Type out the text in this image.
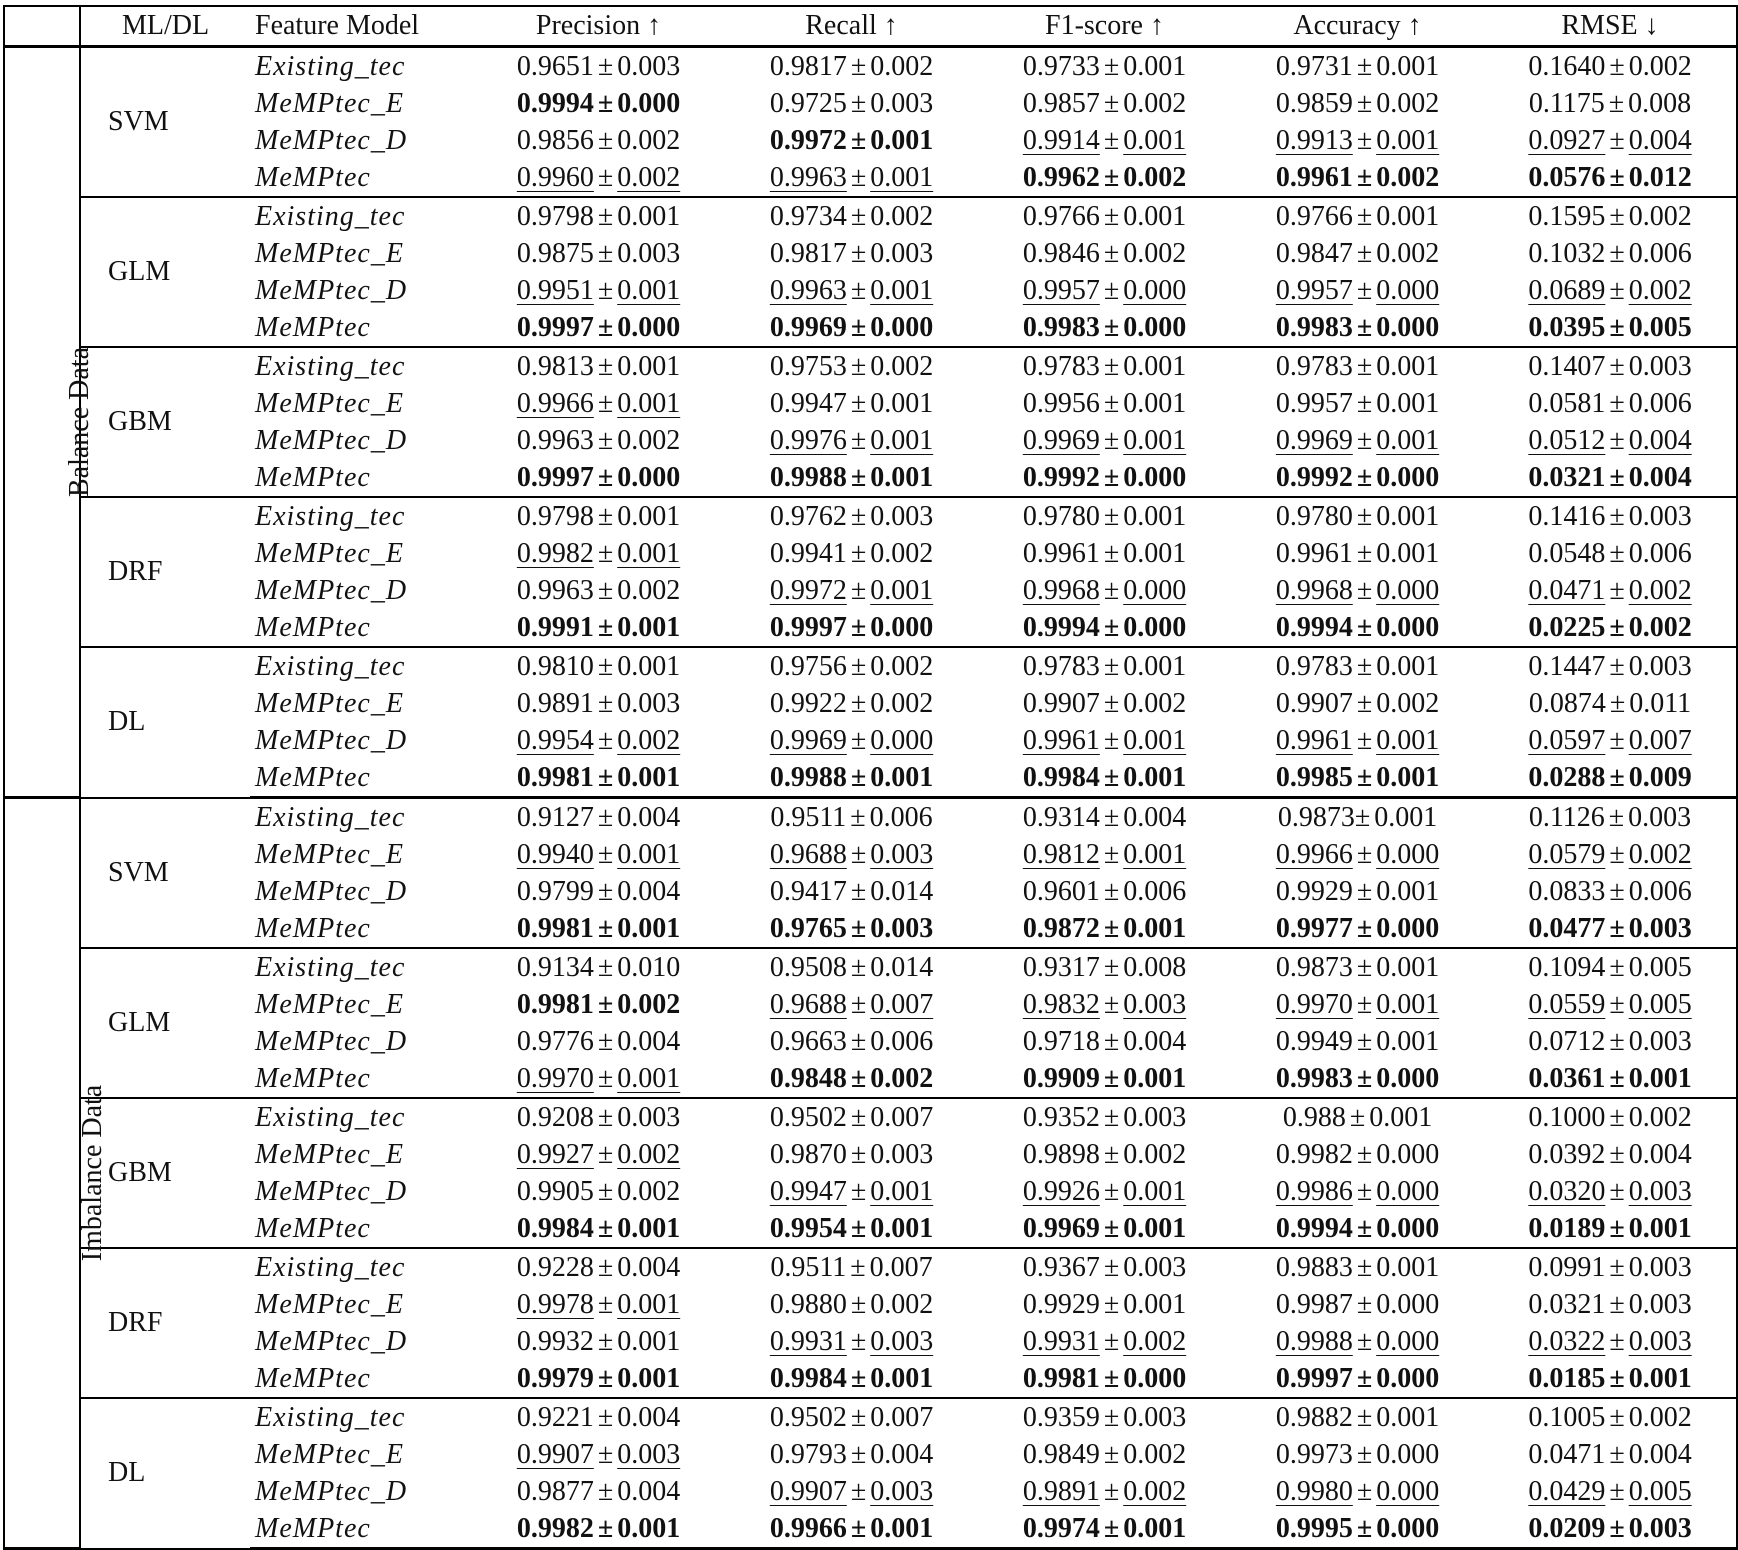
	ML/DL	Feature Model	Precision ↑	Recall ↑	F1-score ↑	Accuracy ↑	RMSE ↓
Balance Data	SVM	Existing_tec	0.9651 ± 0.003	0.9817 ± 0.002	0.9733 ± 0.001	0.9731 ± 0.001	0.1640 ± 0.002
		MeMPtec_E	0.9994 ± 0.000	0.9725 ± 0.003	0.9857 ± 0.002	0.9859 ± 0.002	0.1175 ± 0.008
		MeMPtec_D	0.9856 ± 0.002	0.9972 ± 0.001	0.9914 ± 0.001	0.9913 ± 0.001	0.0927 ± 0.004
		MeMPtec	0.9960 ± 0.002	0.9963 ± 0.001	0.9962 ± 0.002	0.9961 ± 0.002	0.0576 ± 0.012
	GLM	Existing_tec	0.9798 ± 0.001	0.9734 ± 0.002	0.9766 ± 0.001	0.9766 ± 0.001	0.1595 ± 0.002
		MeMPtec_E	0.9875 ± 0.003	0.9817 ± 0.003	0.9846 ± 0.002	0.9847 ± 0.002	0.1032 ± 0.006
		MeMPtec_D	0.9951 ± 0.001	0.9963 ± 0.001	0.9957 ± 0.000	0.9957 ± 0.000	0.0689 ± 0.002
		MeMPtec	0.9997 ± 0.000	0.9969 ± 0.000	0.9983 ± 0.000	0.9983 ± 0.000	0.0395 ± 0.005
	GBM	Existing_tec	0.9813 ± 0.001	0.9753 ± 0.002	0.9783 ± 0.001	0.9783 ± 0.001	0.1407 ± 0.003
		MeMPtec_E	0.9966 ± 0.001	0.9947 ± 0.001	0.9956 ± 0.001	0.9957 ± 0.001	0.0581 ± 0.006
		MeMPtec_D	0.9963 ± 0.002	0.9976 ± 0.001	0.9969 ± 0.001	0.9969 ± 0.001	0.0512 ± 0.004
		MeMPtec	0.9997 ± 0.000	0.9988 ± 0.001	0.9992 ± 0.000	0.9992 ± 0.000	0.0321 ± 0.004
	DRF	Existing_tec	0.9798 ± 0.001	0.9762 ± 0.003	0.9780 ± 0.001	0.9780 ± 0.001	0.1416 ± 0.003
		MeMPtec_E	0.9982 ± 0.001	0.9941 ± 0.002	0.9961 ± 0.001	0.9961 ± 0.001	0.0548 ± 0.006
		MeMPtec_D	0.9963 ± 0.002	0.9972 ± 0.001	0.9968 ± 0.000	0.9968 ± 0.000	0.0471 ± 0.002
		MeMPtec	0.9991 ± 0.001	0.9997 ± 0.000	0.9994 ± 0.000	0.9994 ± 0.000	0.0225 ± 0.002
	DL	Existing_tec	0.9810 ± 0.001	0.9756 ± 0.002	0.9783 ± 0.001	0.9783 ± 0.001	0.1447 ± 0.003
		MeMPtec_E	0.9891 ± 0.003	0.9922 ± 0.002	0.9907 ± 0.002	0.9907 ± 0.002	0.0874 ± 0.011
		MeMPtec_D	0.9954 ± 0.002	0.9969 ± 0.000	0.9961 ± 0.001	0.9961 ± 0.001	0.0597 ± 0.007
		MeMPtec	0.9981 ± 0.001	0.9988 ± 0.001	0.9984 ± 0.001	0.9985 ± 0.001	0.0288 ± 0.009
Imbalance Data	SVM	Existing_tec	0.9127 ± 0.004	0.9511 ± 0.006	0.9314 ± 0.004	0.9873± 0.001	0.1126 ± 0.003
		MeMPtec_E	0.9940 ± 0.001	0.9688 ± 0.003	0.9812 ± 0.001	0.9966 ± 0.000	0.0579 ± 0.002
		MeMPtec_D	0.9799 ± 0.004	0.9417 ± 0.014	0.9601 ± 0.006	0.9929 ± 0.001	0.0833 ± 0.006
		MeMPtec	0.9981 ± 0.001	0.9765 ± 0.003	0.9872 ± 0.001	0.9977 ± 0.000	0.0477 ± 0.003
	GLM	Existing_tec	0.9134 ± 0.010	0.9508 ± 0.014	0.9317 ± 0.008	0.9873 ± 0.001	0.1094 ± 0.005
		MeMPtec_E	0.9981 ± 0.002	0.9688 ± 0.007	0.9832 ± 0.003	0.9970 ± 0.001	0.0559 ± 0.005
		MeMPtec_D	0.9776 ± 0.004	0.9663 ± 0.006	0.9718 ± 0.004	0.9949 ± 0.001	0.0712 ± 0.003
		MeMPtec	0.9970 ± 0.001	0.9848 ± 0.002	0.9909 ± 0.001	0.9983 ± 0.000	0.0361 ± 0.001
	GBM	Existing_tec	0.9208 ± 0.003	0.9502 ± 0.007	0.9352 ± 0.003	0.988 ± 0.001	0.1000 ± 0.002
		MeMPtec_E	0.9927 ± 0.002	0.9870 ± 0.003	0.9898 ± 0.002	0.9982 ± 0.000	0.0392 ± 0.004
		MeMPtec_D	0.9905 ± 0.002	0.9947 ± 0.001	0.9926 ± 0.001	0.9986 ± 0.000	0.0320 ± 0.003
		MeMPtec	0.9984 ± 0.001	0.9954 ± 0.001	0.9969 ± 0.001	0.9994 ± 0.000	0.0189 ± 0.001
	DRF	Existing_tec	0.9228 ± 0.004	0.9511 ± 0.007	0.9367 ± 0.003	0.9883 ± 0.001	0.0991 ± 0.003
		MeMPtec_E	0.9978 ± 0.001	0.9880 ± 0.002	0.9929 ± 0.001	0.9987 ± 0.000	0.0321 ± 0.003
		MeMPtec_D	0.9932 ± 0.001	0.9931 ± 0.003	0.9931 ± 0.002	0.9988 ± 0.000	0.0322 ± 0.003
		MeMPtec	0.9979 ± 0.001	0.9984 ± 0.001	0.9981 ± 0.000	0.9997 ± 0.000	0.0185 ± 0.001
	DL	Existing_tec	0.9221 ± 0.004	0.9502 ± 0.007	0.9359 ± 0.003	0.9882 ± 0.001	0.1005 ± 0.002
		MeMPtec_E	0.9907 ± 0.003	0.9793 ± 0.004	0.9849 ± 0.002	0.9973 ± 0.000	0.0471 ± 0.004
		MeMPtec_D	0.9877 ± 0.004	0.9907 ± 0.003	0.9891 ± 0.002	0.9980 ± 0.000	0.0429 ± 0.005
		MeMPtec	0.9982 ± 0.001	0.9966 ± 0.001	0.9974 ± 0.001	0.9995 ± 0.000	0.0209 ± 0.003
